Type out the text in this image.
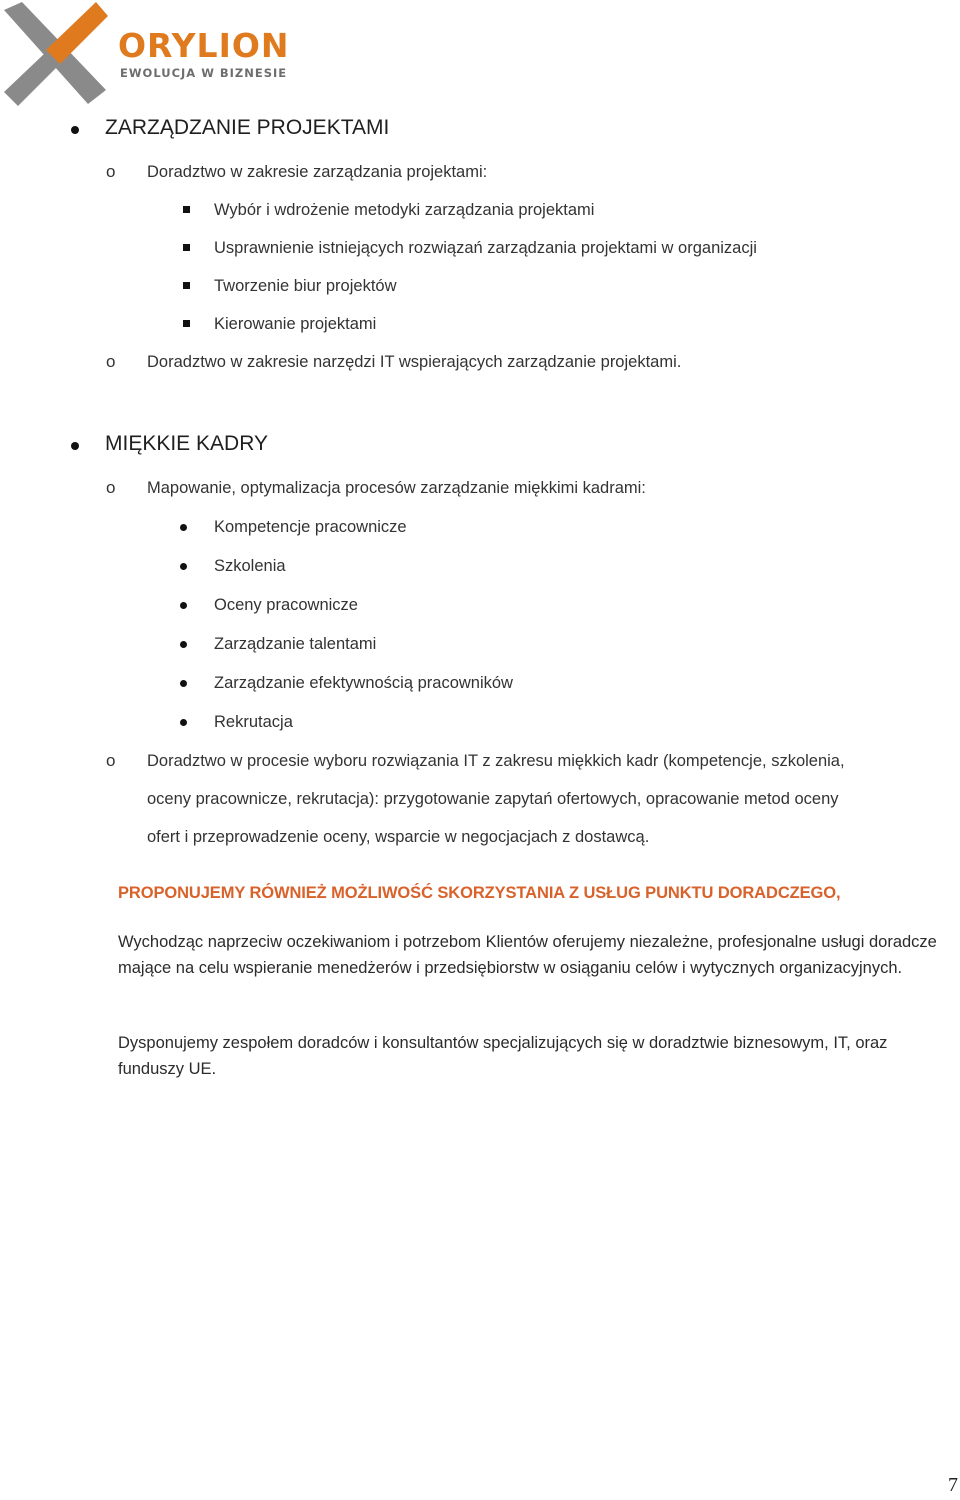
ORYLION
EWOLUCJA W BIZNESIE
ZARZĄDZANIE PROJEKTAMI
o Doradztwo w zakresie zarządzania projektami:
Wybór i wdrożenie metodyki zarządzania projektami
Usprawnienie istniejących rozwiązań zarządzania projektami w organizacji
Tworzenie biur projektów
Kierowanie projektami
o Doradztwo w zakresie narzędzi IT wspierających zarządzanie projektami.
MIĘKKIE KADRY
o Mapowanie, optymalizacja procesów zarządzanie miękkimi kadrami:
Kompetencje pracownicze
Szkolenia
Oceny pracownicze
Zarządzanie talentami
Zarządzanie efektywnością pracowników
Rekrutacja
o Doradztwo w procesie wyboru rozwiązania IT z zakresu miękkich kadr (kompetencje, szkolenia,
oceny pracownicze, rekrutacja): przygotowanie zapytań ofertowych, opracowanie metod oceny
ofert i przeprowadzenie oceny, wsparcie w negocjacjach z dostawcą.
PROPONUJEMY RÓWNIEŻ MOŻLIWOŚĆ SKORZYSTANIA Z USŁUG PUNKTU DORADCZEGO,
Wychodząc naprzeciw oczekiwaniom i potrzebom Klientów oferujemy niezależne, profesjonalne usługi doradcze mające na celu wspieranie menedżerów i przedsiębiorstw w osiąganiu celów i wytycznych organizacyjnych.
Dysponujemy zespołem doradców i konsultantów specjalizujących się w doradztwie biznesowym, IT, oraz funduszy UE.
7
